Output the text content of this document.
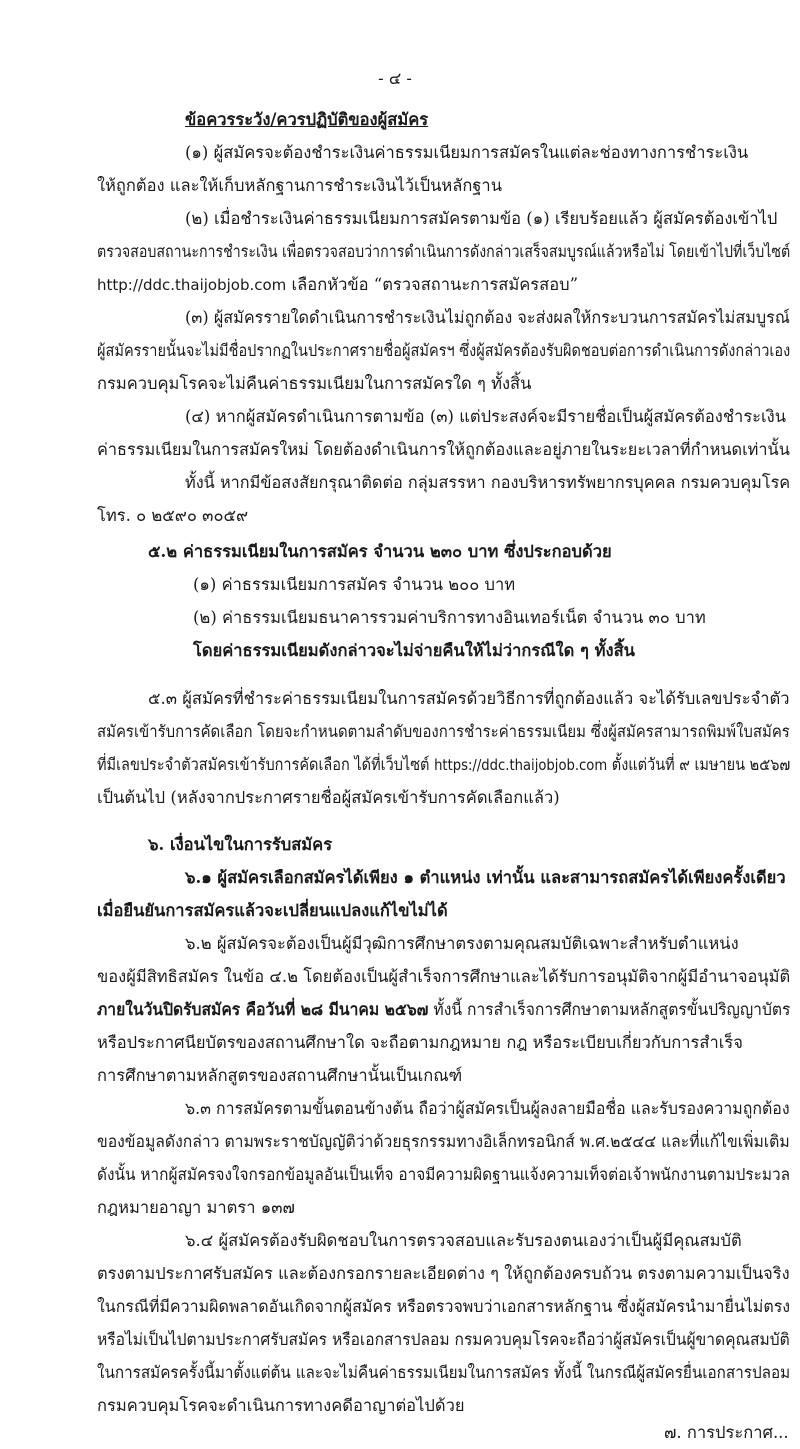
- ๔ -
ข้อควรระวัง/ควรปฏิบัติของผู้สมัคร
(๑) ผู้สมัครจะต้องชำระเงินค่าธรรมเนียมการสมัครในแต่ละช่องทางการชำระเงิน
ให้ถูกต้อง และให้เก็บหลักฐานการชำระเงินไว้เป็นหลักฐาน
(๒) เมื่อชำระเงินค่าธรรมเนียมการสมัครตามข้อ (๑) เรียบร้อยแล้ว ผู้สมัครต้องเข้าไป
ตรวจสอบสถานะการชำระเงิน เพื่อตรวจสอบว่าการดำเนินการดังกล่าวเสร็จสมบูรณ์แล้วหรือไม่ โดยเข้าไปที่เว็บไซต์
http://ddc.thaijobjob.com เลือกหัวข้อ “ตรวจสถานะการสมัครสอบ”
(๓) ผู้สมัครรายใดดำเนินการชำระเงินไม่ถูกต้อง จะส่งผลให้กระบวนการสมัครไม่สมบูรณ์
ผู้สมัครรายนั้นจะไม่มีชื่อปรากฏในประกาศรายชื่อผู้สมัครฯ ซึ่งผู้สมัครต้องรับผิดชอบต่อการดำเนินการดังกล่าวเอง
กรมควบคุมโรคจะไม่คืนค่าธรรมเนียมในการสมัครใด ๆ ทั้งสิ้น
(๔) หากผู้สมัครดำเนินการตามข้อ (๓) แต่ประสงค์จะมีรายชื่อเป็นผู้สมัครต้องชำระเงิน
ค่าธรรมเนียมในการสมัครใหม่ โดยต้องดำเนินการให้ถูกต้องและอยู่ภายในระยะเวลาที่กำหนดเท่านั้น
ทั้งนี้ หากมีข้อสงสัยกรุณาติดต่อ กลุ่มสรรหา กองบริหารทรัพยากรบุคคล กรมควบคุมโรค
โทร. ๐ ๒๕๙๐ ๓๐๕๙
๕.๒ ค่าธรรมเนียมในการสมัคร จำนวน ๒๓๐ บาท ซึ่งประกอบด้วย
(๑) ค่าธรรมเนียมการสมัคร จำนวน ๒๐๐ บาท
(๒) ค่าธรรมเนียมธนาคารรวมค่าบริการทางอินเทอร์เน็ต จำนวน ๓๐ บาท
โดยค่าธรรมเนียมดังกล่าวจะไม่จ่ายคืนให้ไม่ว่ากรณีใด ๆ ทั้งสิ้น
๕.๓ ผู้สมัครที่ชำระค่าธรรมเนียมในการสมัครด้วยวิธีการที่ถูกต้องแล้ว จะได้รับเลขประจำตัว
สมัครเข้ารับการคัดเลือก โดยจะกำหนดตามลำดับของการชำระค่าธรรมเนียม ซึ่งผู้สมัครสามารถพิมพ์ใบสมัคร
ที่มีเลขประจำตัวสมัครเข้ารับการคัดเลือก ได้ที่เว็บไซต์ https://ddc.thaijobjob.com ตั้งแต่วันที่ ๙ เมษายน ๒๕๖๗
เป็นต้นไป (หลังจากประกาศรายชื่อผู้สมัครเข้ารับการคัดเลือกแล้ว)
๖. เงื่อนไขในการรับสมัคร
๖.๑ ผู้สมัครเลือกสมัครได้เพียง ๑ ตำแหน่ง เท่านั้น และสามารถสมัครได้เพียงครั้งเดียว
เมื่อยืนยันการสมัครแล้วจะเปลี่ยนแปลงแก้ไขไม่ได้
๖.๒ ผู้สมัครจะต้องเป็นผู้มีวุฒิการศึกษาตรงตามคุณสมบัติเฉพาะสำหรับตำแหน่ง
ของผู้มีสิทธิสมัคร ในข้อ ๔.๒ โดยต้องเป็นผู้สำเร็จการศึกษาและได้รับการอนุมัติจากผู้มีอำนาจอนุมัติ
ภายในวันปิดรับสมัคร คือวันที่ ๒๘ มีนาคม ๒๕๖๗ ทั้งนี้ การสำเร็จการศึกษาตามหลักสูตรขั้นปริญญาบัตร
หรือประกาศนียบัตรของสถานศึกษาใด จะถือตามกฎหมาย กฎ หรือระเบียบเกี่ยวกับการสำเร็จ
การศึกษาตามหลักสูตรของสถานศึกษานั้นเป็นเกณฑ์
๖.๓ การสมัครตามขั้นตอนข้างต้น ถือว่าผู้สมัครเป็นผู้ลงลายมือชื่อ และรับรองความถูกต้อง
ของข้อมูลดังกล่าว ตามพระราชบัญญัติว่าด้วยธุรกรรมทางอิเล็กทรอนิกส์ พ.ศ.๒๕๔๔ และที่แก้ไขเพิ่มเติม
ดังนั้น หากผู้สมัครจงใจกรอกข้อมูลอันเป็นเท็จ อาจมีความผิดฐานแจ้งความเท็จต่อเจ้าพนักงานตามประมวล
กฎหมายอาญา มาตรา ๑๓๗
๖.๔ ผู้สมัครต้องรับผิดชอบในการตรวจสอบและรับรองตนเองว่าเป็นผู้มีคุณสมบัติ
ตรงตามประกาศรับสมัคร และต้องกรอกรายละเอียดต่าง ๆ ให้ถูกต้องครบถ้วน ตรงตามความเป็นจริง
ในกรณีที่มีความผิดพลาดอันเกิดจากผู้สมัคร หรือตรวจพบว่าเอกสารหลักฐาน ซึ่งผู้สมัครนำมายื่นไม่ตรง
หรือไม่เป็นไปตามประกาศรับสมัคร หรือเอกสารปลอม กรมควบคุมโรคจะถือว่าผู้สมัครเป็นผู้ขาดคุณสมบัติ
ในการสมัครครั้งนี้มาตั้งแต่ต้น และจะไม่คืนค่าธรรมเนียมในการสมัคร ทั้งนี้ ในกรณีผู้สมัครยื่นเอกสารปลอม
กรมควบคุมโรคจะดำเนินการทางคดีอาญาต่อไปด้วย
๗. การประกาศ...
